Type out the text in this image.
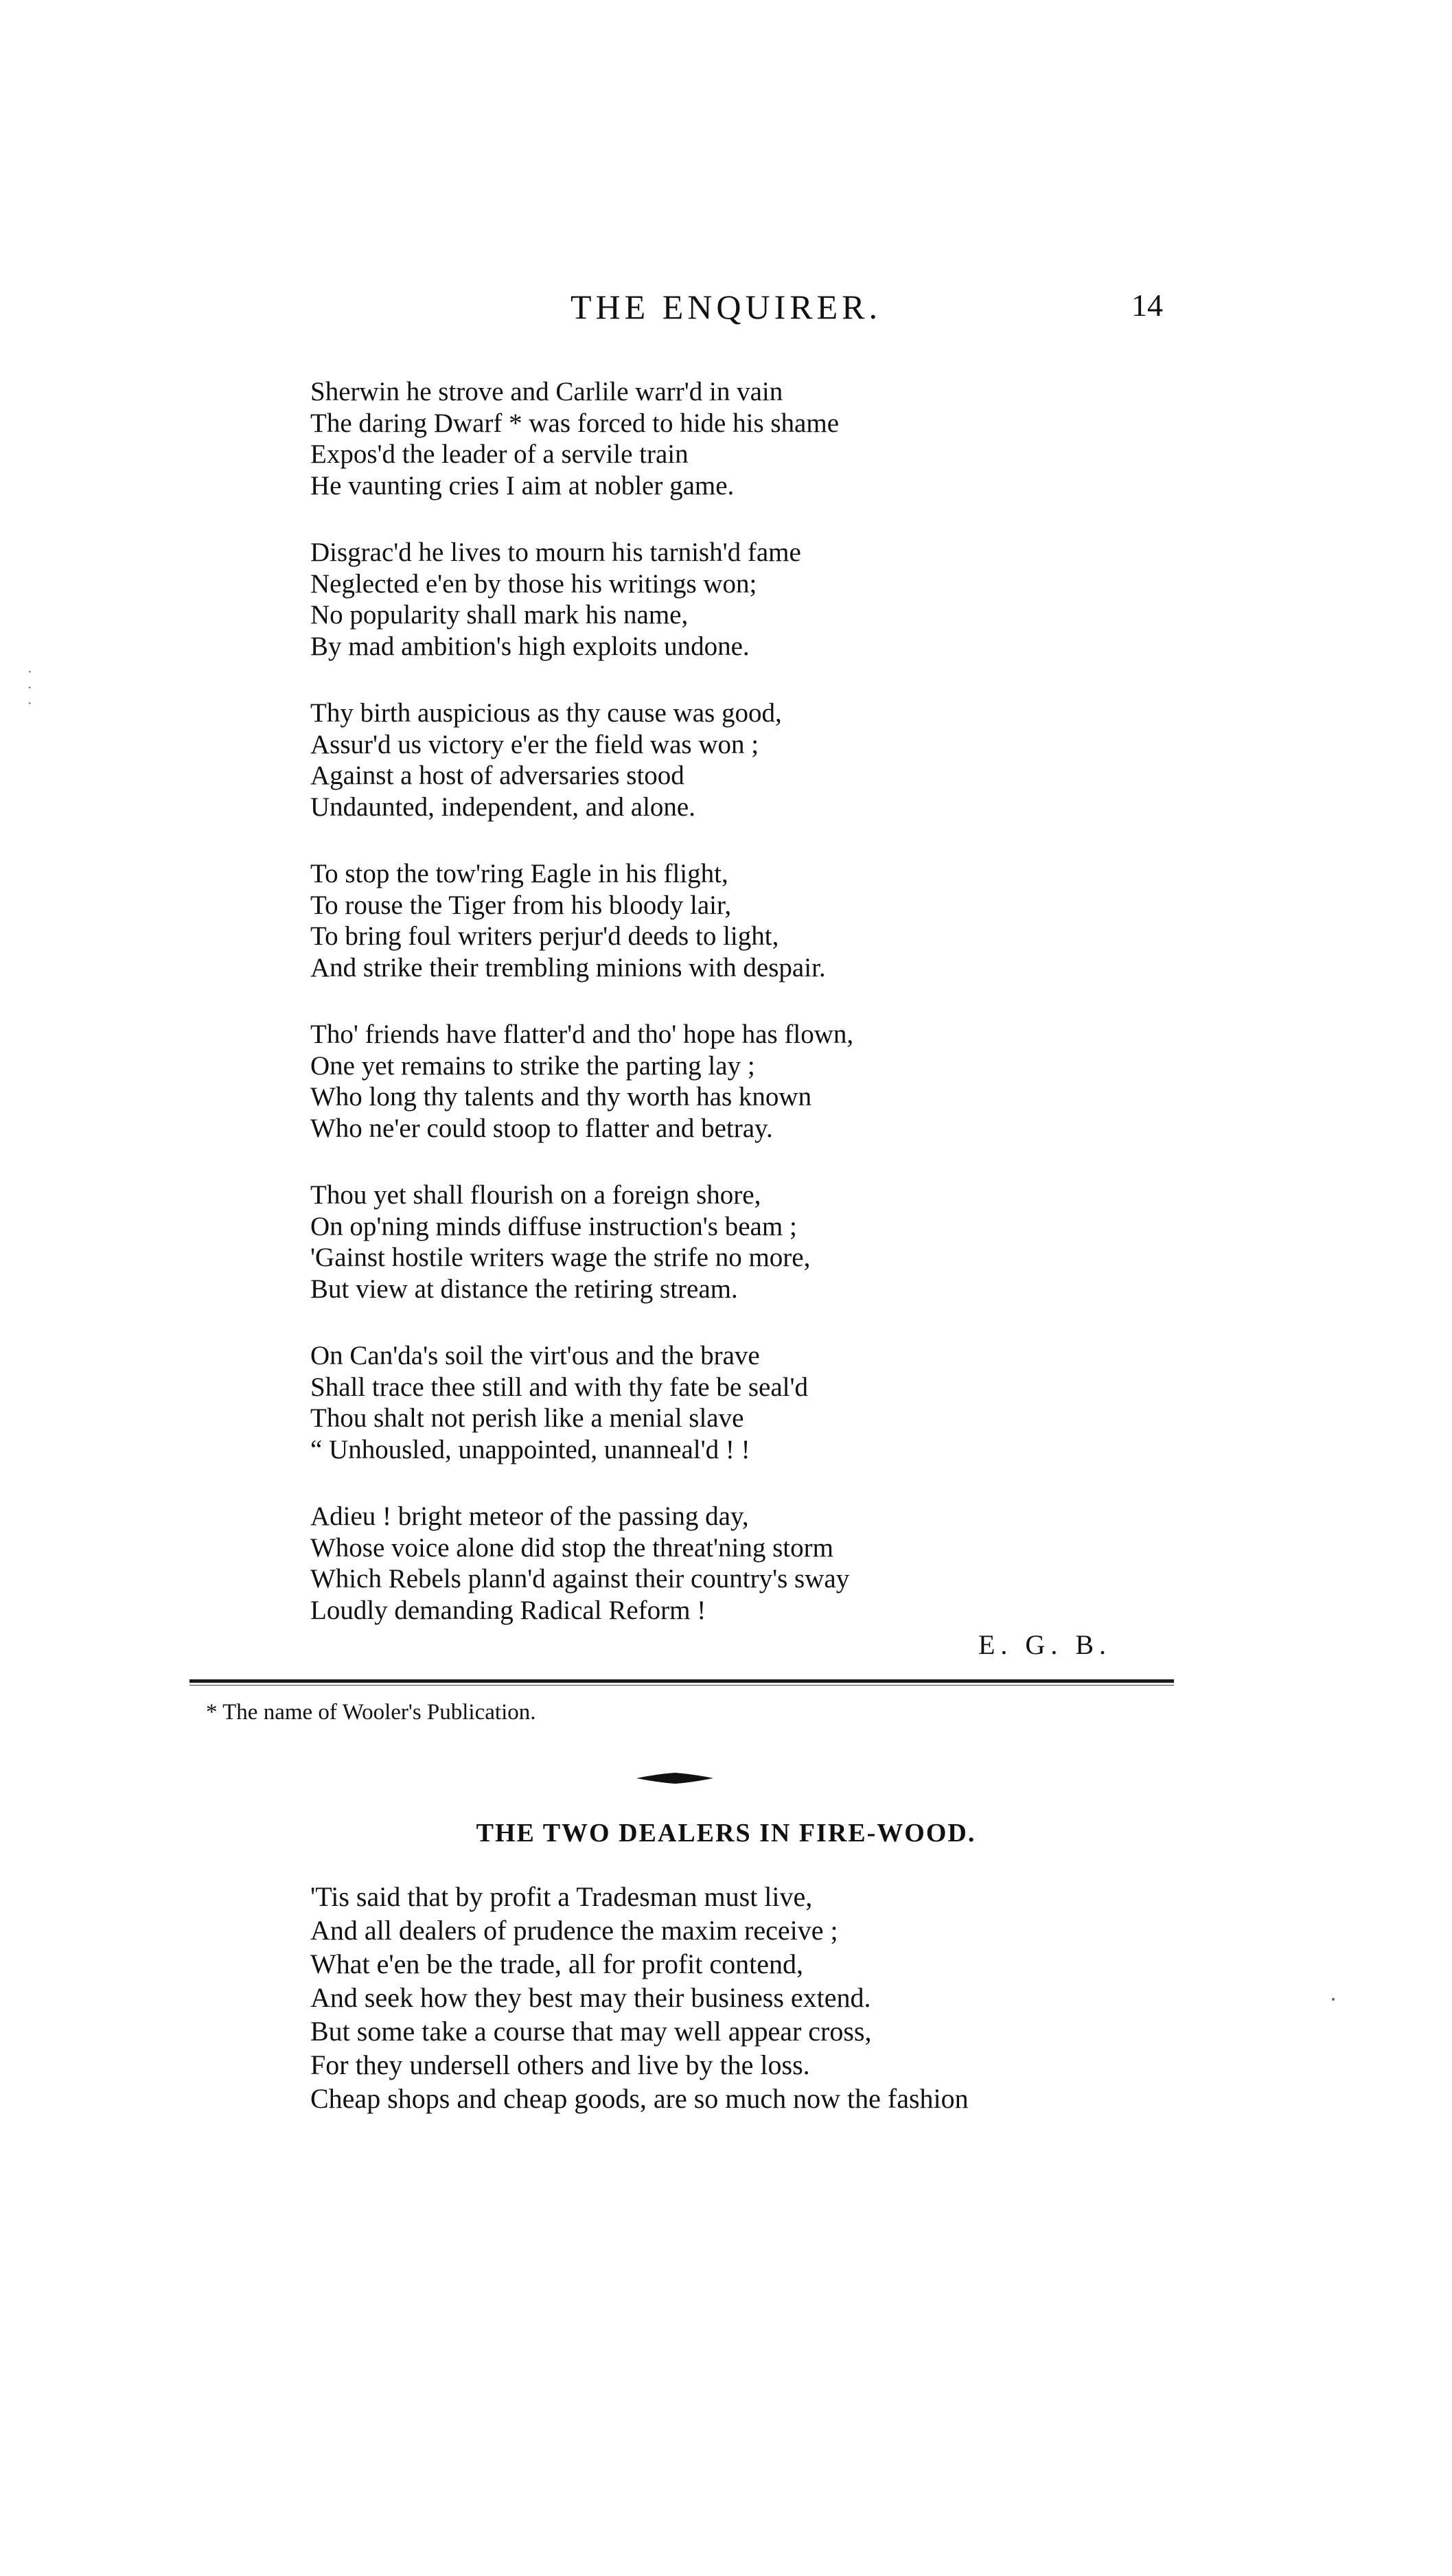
THE ENQUIRER.	14
·
·
·
Sherwin he strove and Carlile warr'd in vain
The daring Dwarf * was forced to hide his shame
Expos'd the leader of a servile train
He vaunting cries I aim at nobler game.
Disgrac'd he lives to mourn his tarnish'd fame
Neglected e'en by those his writings won;
No popularity shall mark his name,
By mad ambition's high exploits undone.
Thy birth auspicious as thy cause was good,
Assur'd us victory e'er the field was won ;
Against a host of adversaries stood
Undaunted, independent, and alone.
To stop the tow'ring Eagle in his flight,
To rouse the Tiger from his bloody lair,
To bring foul writers perjur'd deeds to light,
And strike their trembling minions with despair.
Tho' friends have flatter'd and tho' hope has flown,
One yet remains to strike the parting lay ;
Who long thy talents and thy worth has known
Who ne'er could stoop to flatter and betray.
Thou yet shall flourish on a foreign shore,
On op'ning minds diffuse instruction's beam ;
'Gainst hostile writers wage the strife no more,
But view at distance the retiring stream.
On Can'da's soil the virt'ous and the brave
Shall trace thee still and with thy fate be seal'd
Thou shalt not perish like a menial slave
“ Unhousled, unappointed, unanneal'd ! !
Adieu ! bright meteor of the passing day,
Whose voice alone did stop the threat'ning storm
Which Rebels plann'd against their country's sway
Loudly demanding Radical Reform !
E. G. B.
* The name of Wooler's Publication.
THE TWO DEALERS IN FIRE-WOOD.
'Tis said that by profit a Tradesman must live,
And all dealers of prudence the maxim receive ;
What e'en be the trade, all for profit contend,
And seek how they best may their business extend.
But some take a course that may well appear cross,
For they undersell others and live by the loss.
Cheap shops and cheap goods, are so much now the fashion
